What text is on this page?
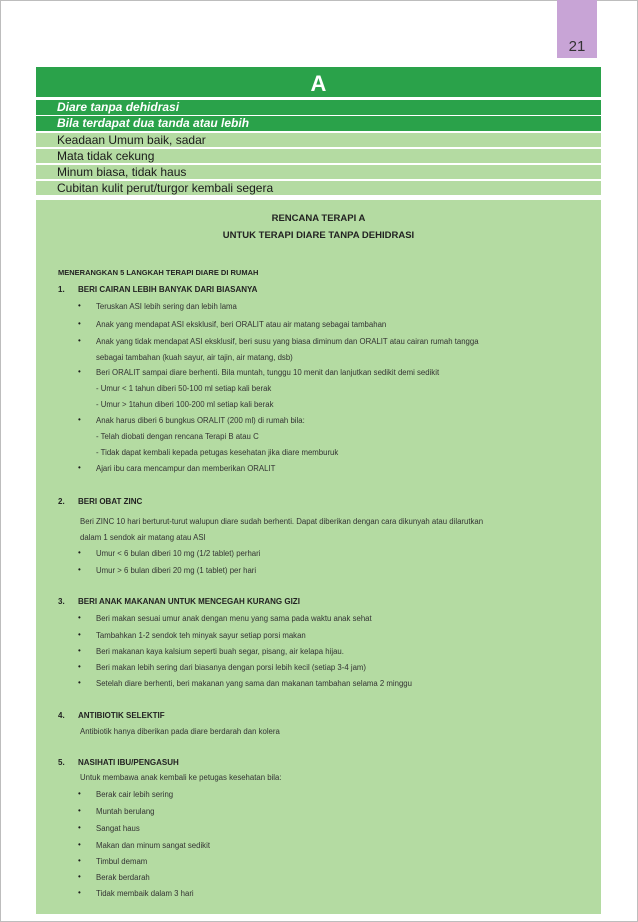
21
A
Diare tanpa dehidrasi
Bila terdapat dua tanda atau lebih
Keadaan Umum baik, sadar
Mata tidak cekung
Minum biasa, tidak haus
Cubitan kulit perut/turgor kembali segera
RENCANA TERAPI A
UNTUK TERAPI DIARE TANPA DEHIDRASI
MENERANGKAN 5 LANGKAH TERAPI DIARE DI RUMAH
1. BERI CAIRAN LEBIH BANYAK DARI BIASANYA
•
Teruskan ASI lebih sering dan lebih lama
•
Anak yang mendapat ASI eksklusif, beri ORALIT atau air matang sebagai tambahan
•
Anak yang tidak mendapat ASI eksklusif, beri susu yang biasa diminum dan ORALIT atau cairan rumah tangga
sebagai tambahan (kuah sayur, air tajin, air matang, dsb)
•
Beri ORALIT sampai diare berhenti. Bila muntah, tunggu 10 menit dan lanjutkan sedikit demi sedikit
- Umur < 1 tahun diberi 50-100 ml setiap kali berak
- Umur > 1tahun diberi 100-200 ml setiap kali berak
•
Anak harus diberi 6 bungkus ORALIT (200 ml) di rumah bila:
- Telah diobati dengan rencana Terapi B atau C
- Tidak dapat kembali kepada petugas kesehatan jika diare memburuk
•
Ajari ibu cara mencampur dan memberikan ORALIT
2. BERI OBAT ZINC
Beri ZINC 10 hari berturut-turut walupun diare sudah berhenti. Dapat diberikan dengan cara dikunyah atau dilarutkan
dalam 1 sendok air matang atau ASI
•
Umur < 6 bulan diberi 10 mg (1/2 tablet) perhari
•
Umur > 6 bulan diberi 20 mg (1 tablet) per hari
3. BERI ANAK MAKANAN UNTUK MENCEGAH KURANG GIZI
•
Beri makan sesuai umur anak dengan menu yang sama pada waktu anak sehat
•
Tambahkan 1-2 sendok teh minyak sayur setiap porsi makan
•
Beri makanan kaya kalsium seperti buah segar, pisang, air kelapa hijau.
•
Beri makan lebih sering dari biasanya dengan porsi lebih kecil (setiap 3-4 jam)
•
Setelah diare berhenti, beri makanan yang sama dan makanan tambahan selama 2 minggu
4. ANTIBIOTIK SELEKTIF
Antibiotik hanya diberikan pada diare berdarah dan kolera
5. NASIHATI IBU/PENGASUH
Untuk membawa anak kembali ke petugas kesehatan bila:
•
Berak cair lebih sering
•
Muntah berulang
•
Sangat haus
•
Makan dan minum sangat sedikit
•
Timbul demam
•
Berak berdarah
•
Tidak membaik dalam 3 hari
